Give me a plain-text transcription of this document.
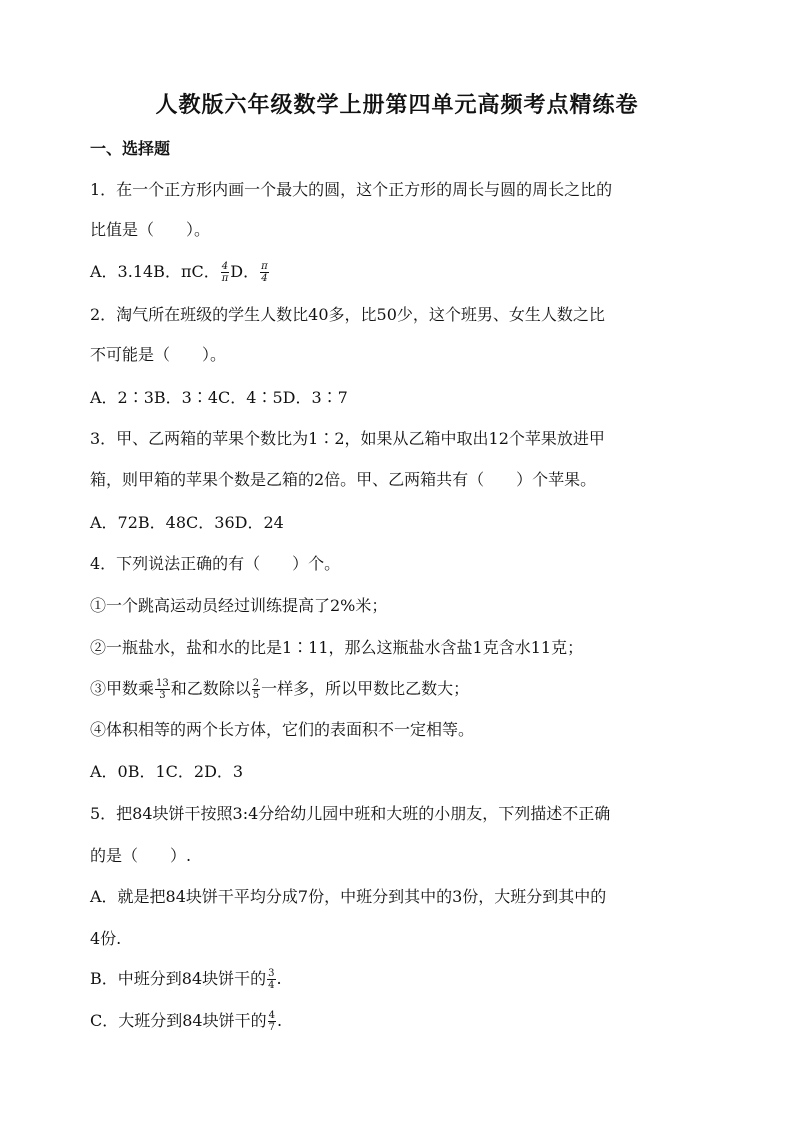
人教版六年级数学上册第四单元高频考点精练卷
一、选择题
1．在一个正方形内画一个最大的圆，这个正方形的周长与圆的周长之比的
比值是（　　）。
A．3.14B．πC． $\frac{4}{\pi}$ D． $\frac{\pi}{4}$
2．淘气所在班级的学生人数比40多，比50少，这个班男、女生人数之比
不可能是（　　）。
A．2∶3B．3∶4C．4∶5D．3∶7
3．甲、乙两箱的苹果个数比为1∶2，如果从乙箱中取出12个苹果放进甲
箱，则甲箱的苹果个数是乙箱的2倍。甲、乙两箱共有（　　）个苹果。
A．72B．48C．36D．24
4．下列说法正确的有（　　）个。
①一个跳高运动员经过训练提高了2%米；
②一瓶盐水，盐和水的比是1∶11，那么这瓶盐水含盐1克含水11克；
③甲数乘 $\frac{13}{3}$ 和乙数除以 $\frac{2}{5}$ 一样多，所以甲数比乙数大；
④体积相等的两个长方体，它们的表面积不一定相等。
A．0B．1C．2D．3
5．把84块饼干按照3:4分给幼儿园中班和大班的小朋友，下列描述不正确
的是（　　）.
A．就是把84块饼干平均分成7份，中班分到其中的3份，大班分到其中的
4份.
B．中班分到84块饼干的 $\frac{3}{4}$ .
C．大班分到84块饼干的 $\frac{4}{7}$ .
